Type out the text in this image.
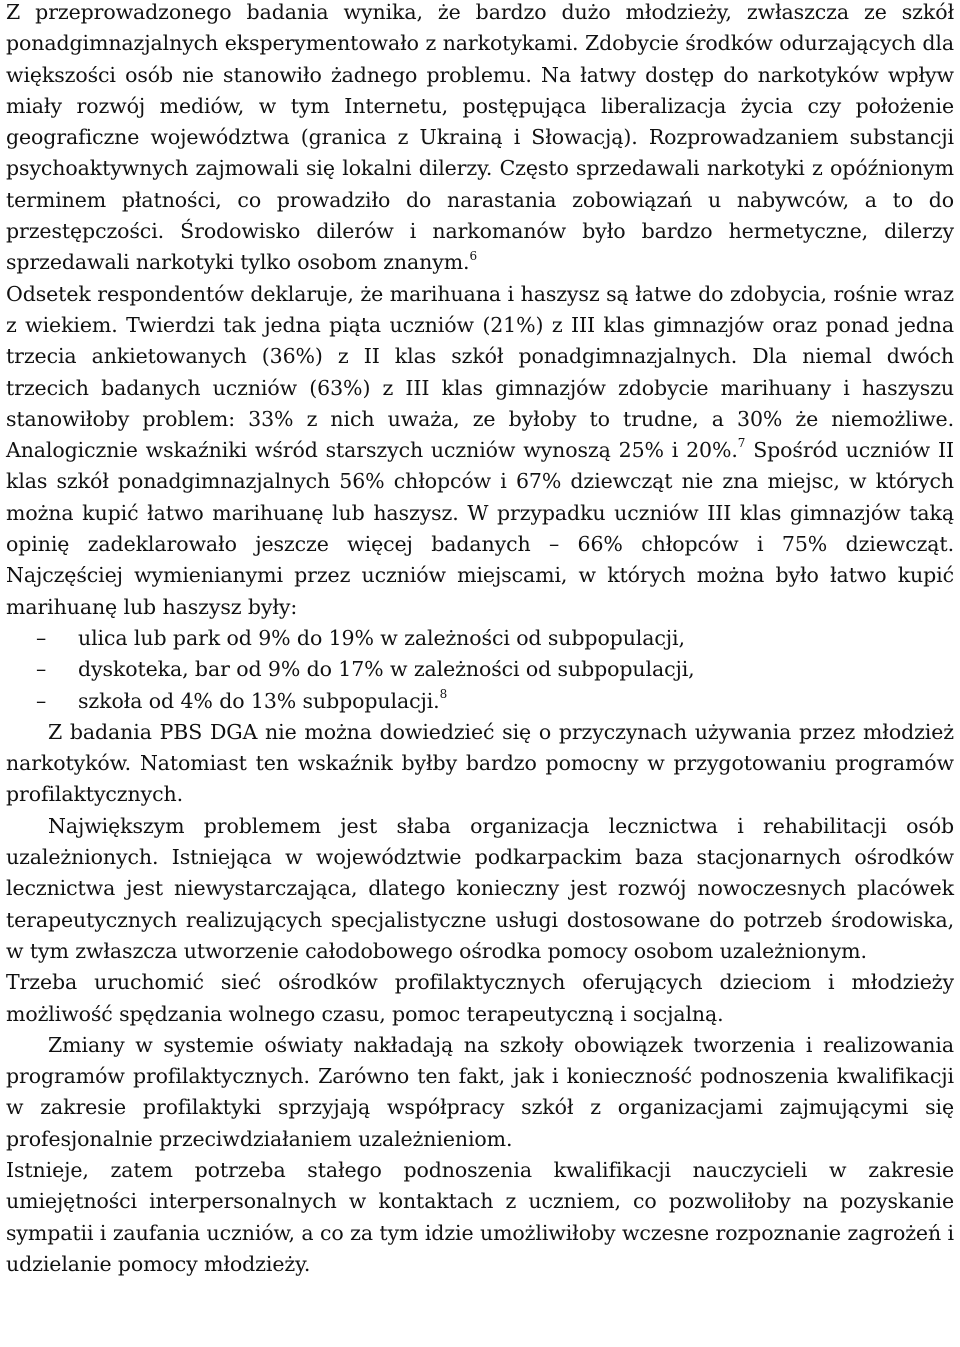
Z przeprowadzonego badania wynika, że bardzo dużo młodzieży, zwłaszcza ze szkół ponadgimnazjalnych eksperymentowało z narkotykami. Zdobycie środków odurzających dla większości osób nie stanowiło żadnego problemu. Na łatwy dostęp do narkotyków wpływ miały rozwój mediów, w tym Internetu, postępująca liberalizacja życia czy położenie geograficzne województwa (granica z Ukrainą i Słowacją). Rozprowadzaniem substancji psychoaktywnych zajmowali się lokalni dilerzy. Często sprzedawali narkotyki z opóźnionym terminem płatności, co prowadziło do narastania zobowiązań u nabywców, a to do przestępczości. Środowisko dilerów i narkomanów było bardzo hermetyczne, dilerzy sprzedawali narkotyki tylko osobom znanym.$^6$

Odsetek respondentów deklaruje, że marihuana i haszysz są łatwe do zdobycia, rośnie wraz z wiekiem. Twierdzi tak jedna piąta uczniów (21%) z III klas gimnazjów oraz ponad jedna trzecia ankietowanych (36%) z II klas szkół ponadgimnazjalnych. Dla niemal dwóch trzecich badanych uczniów (63%) z III klas gimnazjów zdobycie marihuany i haszyszu stanowiłoby problem: 33% z nich uważa, ze byłoby to trudne, a 30% że niemożliwe. Analogicznie wskaźniki wśród starszych uczniów wynoszą 25% i 20%.$^7$ Spośród uczniów II klas szkół ponadgimnazjalnych 56% chłopców i 67% dziewcząt nie zna miejsc, w których można kupić łatwo marihuanę lub haszysz. W przypadku uczniów III klas gimnazjów taką opinię zadeklarowało jeszcze więcej badanych – 66% chłopców i 75% dziewcząt. Najczęściej wymienianymi przez uczniów miejscami, w których można było łatwo kupić marihuanę lub haszysz były:

– ulica lub park od 9% do 19% w zależności od subpopulacji,
– dyskoteka, bar od 9% do 17% w zależności od subpopulacji,
– szkoła od 4% do 13% subpopulacji.$^8$

Z badania PBS DGA nie można dowiedzieć się o przyczynach używania przez młodzież narkotyków. Natomiast ten wskaźnik byłby bardzo pomocny w przygotowaniu programów profilaktycznych.

Największym problemem jest słaba organizacja lecznictwa i rehabilitacji osób uzależnionych. Istniejąca w województwie podkarpackim baza stacjonarnych ośrodków lecznictwa jest niewystarczająca, dlatego konieczny jest rozwój nowoczesnych placówek terapeutycznych realizujących specjalistyczne usługi dostosowane do potrzeb środowiska, w tym zwłaszcza utworzenie całodobowego ośrodka pomocy osobom uzależnionym.

Trzeba uruchomić sieć ośrodków profilaktycznych oferujących dzieciom i młodzieży możliwość spędzania wolnego czasu, pomoc terapeutyczną i socjalną.

Zmiany w systemie oświaty nakładają na szkoły obowiązek tworzenia i realizowania programów profilaktycznych. Zarówno ten fakt, jak i konieczność podnoszenia kwalifikacji w zakresie profilaktyki sprzyjają współpracy szkół z organizacjami zajmującymi się profesjonalnie przeciwdziałaniem uzależnieniom.

Istnieje, zatem potrzeba stałego podnoszenia kwalifikacji nauczycieli w zakresie umiejętności interpersonalnych w kontaktach z uczniem, co pozwoliłoby na pozyskanie sympatii i zaufania uczniów, a co za tym idzie umożliwiłoby wczesne rozpoznanie zagrożeń i udzielanie pomocy młodzieży.
